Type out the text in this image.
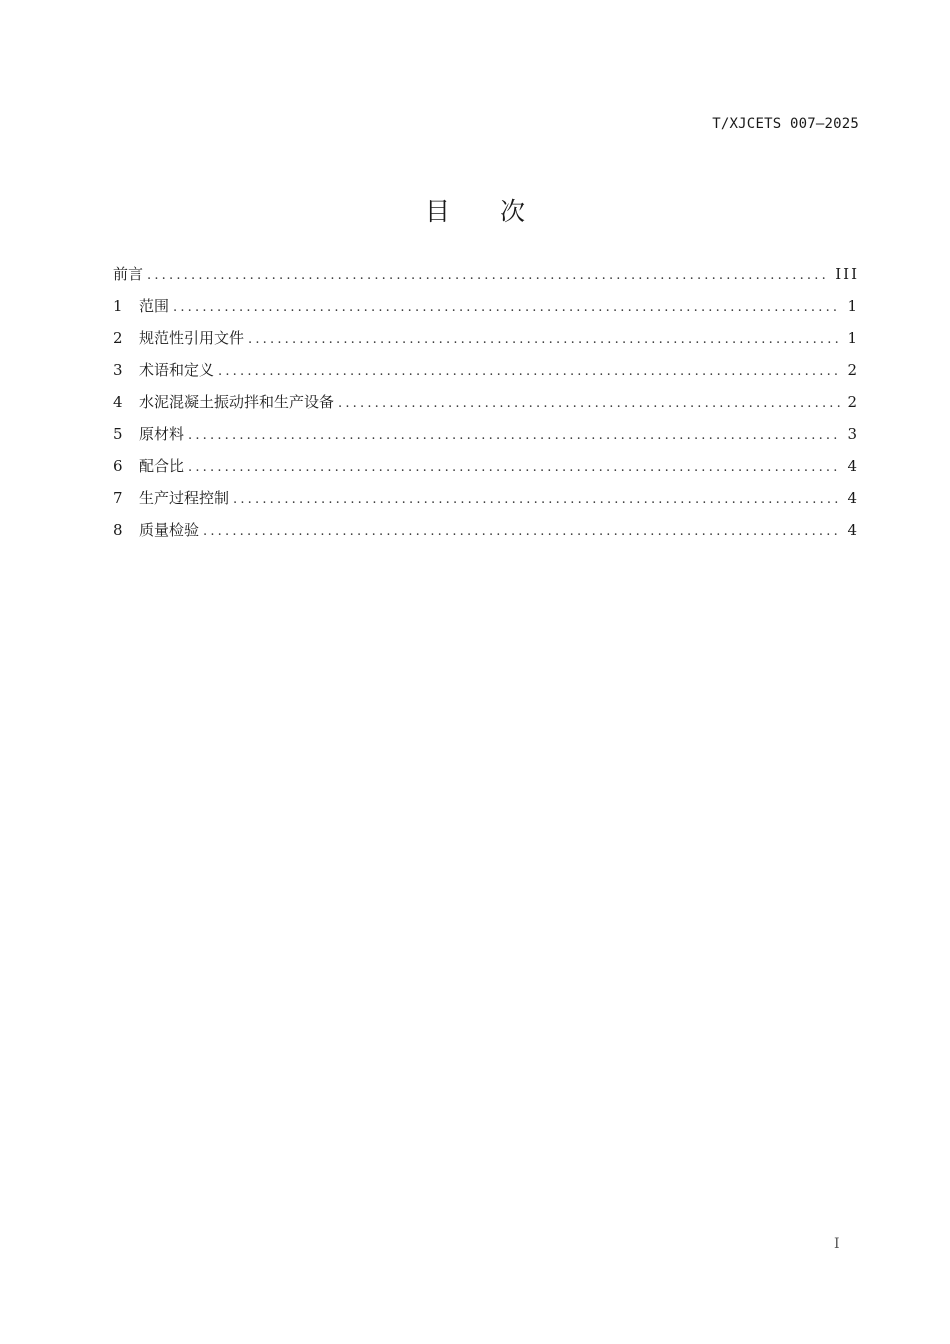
T/XJCETS 007—2025
目次
前言 .....	III
1	范围 .....	1
2	规范性引用文件 .....	1
3	术语和定义 .....	2
4	水泥混凝土振动拌和生产设备 .....	2
5	原材料 .....	3
6	配合比 .....	4
7	生产过程控制 .....	4
8	质量检验 .....	4
I
